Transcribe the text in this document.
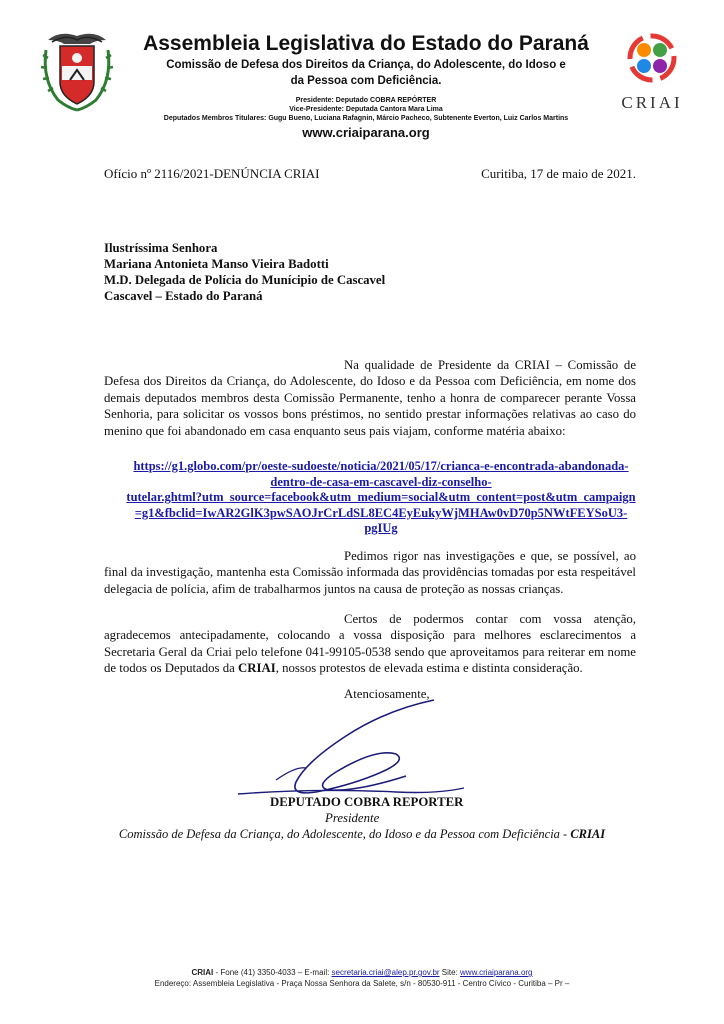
Assembleia Legislativa do Estado do Paraná
Comissão de Defesa dos Direitos da Criança, do Adolescente, do Idoso e
da Pessoa com Deficiência.
Presidente: Deputado COBRA REPÓRTER
Vice-Presidente: Deputada Cantora Mara Lima
Deputados Membros Titulares: Gugu Bueno, Luciana Rafagnin, Márcio Pacheco, Subtenente Everton, Luiz Carlos Martins
www.criaiparana.org
CRIAI
Ofício nº 2116/2021-DENÚNCIA CRIAI	Curitiba, 17 de maio de 2021.
Ilustríssima Senhora
Mariana Antonieta Manso Vieira Badotti
M.D. Delegada de Polícia do Munícipio de Cascavel
Cascavel – Estado do Paraná
Na qualidade de Presidente da CRIAI – Comissão de Defesa dos Direitos da Criança, do Adolescente, do Idoso e da Pessoa com Deficiência, em nome dos demais deputados membros desta Comissão Permanente, tenho a honra de comparecer perante Vossa Senhoria, para solicitar os vossos bons préstimos, no sentido prestar informações relativas ao caso do menino que foi abandonado em casa enquanto seus pais viajam, conforme matéria abaixo:
https://g1.globo.com/pr/oeste-sudoeste/noticia/2021/05/17/crianca-e-encontrada-abandonada-
dentro-de-casa-em-cascavel-diz-conselho-
tutelar.ghtml?utm_source=facebook&utm_medium=social&utm_content=post&utm_campaign
=g1&fbclid=IwAR2GlK3pwSAOJrCrLdSL8EC4EyEukyWjMHAw0vD70p5NWtFEYSoU3-
pgIUg
Pedimos rigor nas investigações e que, se possível, ao final da investigação, mantenha esta Comissão informada das providências tomadas por esta respeitável delegacia de polícia, afim de trabalharmos juntos na causa de proteção as nossas crianças.
Certos de podermos contar com vossa atenção, agradecemos antecipadamente, colocando a vossa disposição para melhores esclarecimentos a Secretaria Geral da Criai pelo telefone 041-99105-0538 sendo que aproveitamos para reiterar em nome de todos os Deputados da CRIAI, nossos protestos de elevada estima e distinta consideração.
Atenciosamente,
DEPUTADO COBRA REPORTER
Presidente
Comissão de Defesa da Criança, do Adolescente, do Idoso e da Pessoa com Deficiência - CRIAI
CRIAI - Fone (41) 3350-4033 – E-mail: secretaria.criai@alep.pr.gov.br Site: www.criaiparana.org
Endereço: Assembleia Legislativa - Praça Nossa Senhora da Salete, s/n - 80530-911 - Centro Cívico - Curitiba – Pr –
